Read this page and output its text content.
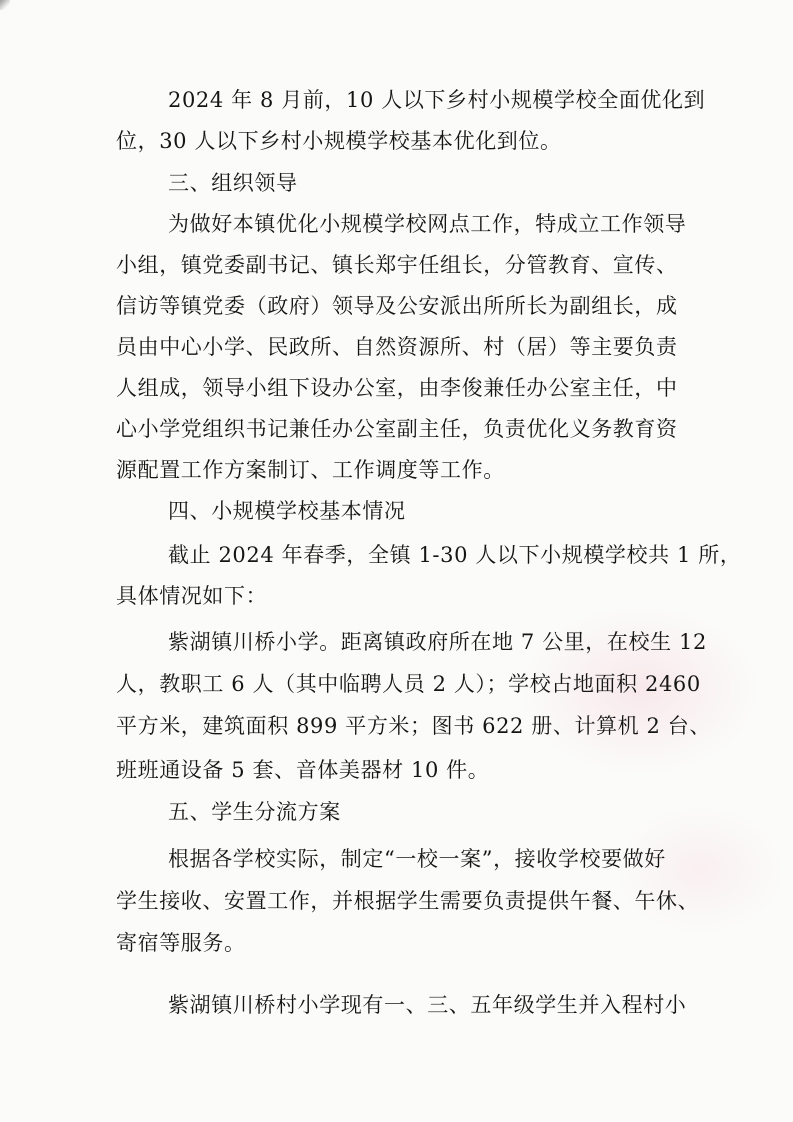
2024 年 8 月前，10 人以下乡村小规模学校全面优化到
位，30 人以下乡村小规模学校基本优化到位。
三、组织领导
为做好本镇优化小规模学校网点工作，特成立工作领导
小组，镇党委副书记、镇长郑宇任组长，分管教育、宣传、
信访等镇党委（政府）领导及公安派出所所长为副组长，成
员由中心小学、民政所、自然资源所、村（居）等主要负责
人组成，领导小组下设办公室，由李俊兼任办公室主任，中
心小学党组织书记兼任办公室副主任，负责优化义务教育资
源配置工作方案制订、工作调度等工作。
四、小规模学校基本情况
截止 2024 年春季，全镇 1-30 人以下小规模学校共 1 所，
具体情况如下：
紫湖镇川桥小学。距离镇政府所在地 7 公里，在校生 12
人，教职工 6 人（其中临聘人员 2 人）；学校占地面积 2460
平方米，建筑面积 899 平方米；图书 622 册、计算机 2 台、
班班通设备 5 套、音体美器材 10 件。
五、学生分流方案
根据各学校实际，制定“一校一案”，接收学校要做好
学生接收、安置工作，并根据学生需要负责提供午餐、午休、
寄宿等服务。
紫湖镇川桥村小学现有一、三、五年级学生并入程村小
